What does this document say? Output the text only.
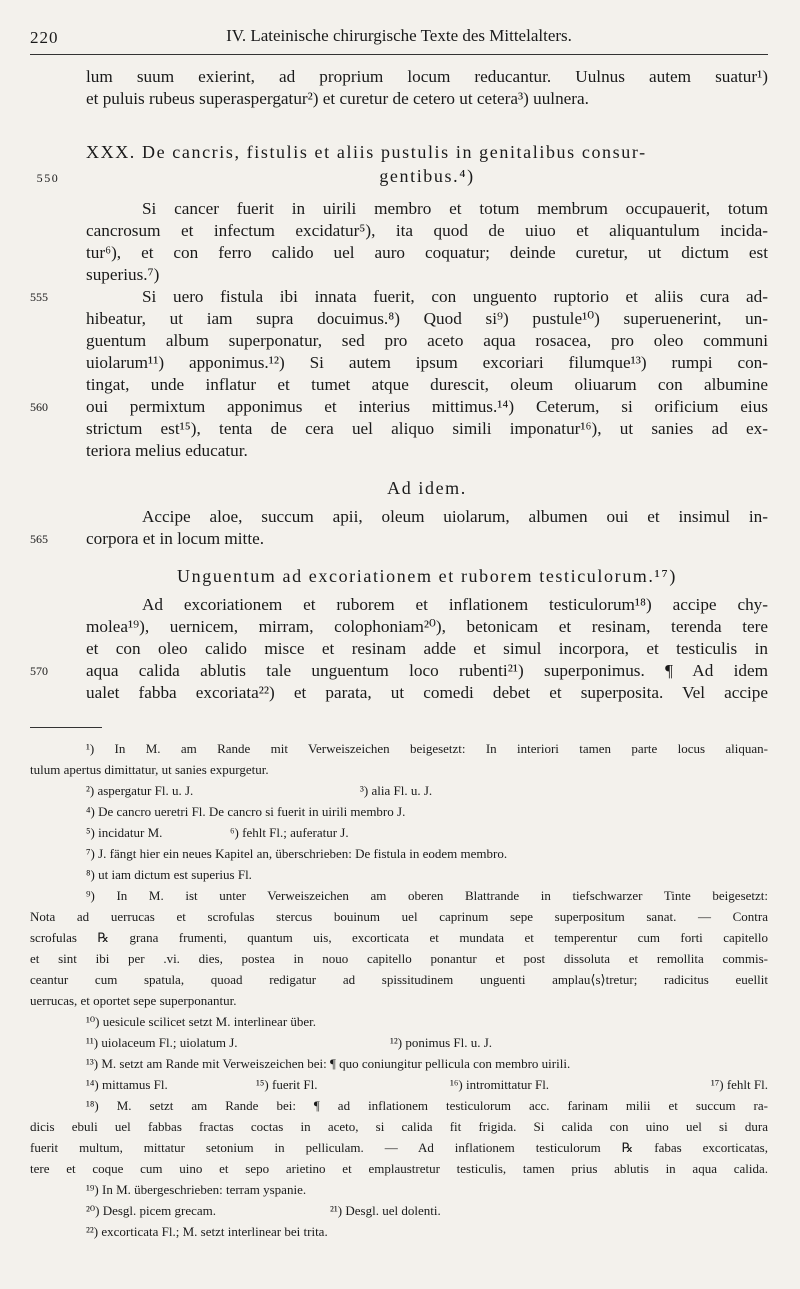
220	IV. Lateinische chirurgische Texte des Mittelalters.
lum suum exierint, ad proprium locum reducantur. Uulnus autem suatur¹)
et puluis rubeus superaspergatur²) et curetur de cetero ut cetera³) uulnera.
XXX. De cancris, fistulis et aliis pustulis in genitalibus consur-
550	gentibus.⁴)
Si cancer fuerit in uirili membro et totum membrum occupauerit, totum
cancrosum et infectum excidatur⁵), ita quod de uiuo et aliquantulum incida-
tur⁶), et con ferro calido uel auro coquatur; deinde curetur, ut dictum est
superius.⁷)
555	Si uero fistula ibi innata fuerit, con unguento ruptorio et aliis cura ad-
hibeatur, ut iam supra docuimus.⁸) Quod si⁹) pustule¹⁰) superuenerint, un-
guentum album superponatur, sed pro aceto aqua rosacea, pro oleo communi
uiolarum¹¹) apponimus.¹²) Si autem ipsum excoriari filumque¹³) rumpi con-
tingat, unde inflatur et tumet atque durescit, oleum oliuarum con albumine
560	oui permixtum apponimus et interius mittimus.¹⁴) Ceterum, si orificium eius
strictum est¹⁵), tenta de cera uel aliquo simili imponatur¹⁶), ut sanies ad ex-
teriora melius educatur.
Ad idem.
Accipe aloe, succum apii, oleum uiolarum, albumen oui et insimul in-
565	corpora et in locum mitte.
Unguentum ad excoriationem et ruborem testiculorum.¹⁷)
Ad excoriationem et ruborem et inflationem testiculorum¹⁸) accipe chy-
molea¹⁹), uernicem, mirram, colophoniam²⁰), betonicam et resinam, terenda tere
et con oleo calido misce et resinam adde et simul incorpora, et testiculis in
570	aqua calida ablutis tale unguentum loco rubenti²¹) superponimus. ¶ Ad idem
ualet fabba excoriata²²) et parata, ut comedi debet et superposita. Vel accipe
¹) In M. am Rande mit Verweiszeichen beigesetzt: In interiori tamen parte locus aliquan-
tulum apertus dimittatur, ut sanies expurgetur.
²) aspergatur Fl. u. J.	³) alia Fl. u. J.
⁴) De cancro ueretri Fl. De cancro si fuerit in uirili membro J.
⁵) incidatur M.	⁶) fehlt Fl.; auferatur J.
⁷) J. fängt hier ein neues Kapitel an, überschrieben: De fistula in eodem membro.
⁸) ut iam dictum est superius Fl.
⁹) In M. ist unter Verweiszeichen am oberen Blattrande in tiefschwarzer Tinte beigesetzt:
Nota ad uerrucas et scrofulas stercus bouinum uel caprinum sepe superpositum sanat. — Contra
scrofulas ℞ grana frumenti, quantum uis, excorticata et mundata et temperentur cum forti capitello
et sint ibi per .vi. dies, postea in nouo capitello ponantur et post dissoluta et remollita commis-
ceantur cum spatula, quoad redigatur ad spissitudinem unguenti amplau⟨s⟩tretur; radicitus euellit
uerrucas, et oportet sepe superponantur.
¹⁰) uesicule scilicet setzt M. interlinear über.
¹¹) uiolaceum Fl.; uiolatum J.	¹²) ponimus Fl. u. J.
¹³) M. setzt am Rande mit Verweiszeichen bei: ¶ quo coniungitur pellicula con membro uirili.
¹⁴) mittamus Fl.	¹⁵) fuerit Fl.	¹⁶) intromittatur Fl.	¹⁷) fehlt Fl.
¹⁸) M. setzt am Rande bei: ¶ ad inflationem testiculorum acc. farinam milii et succum ra-
dicis ebuli uel fabbas fractas coctas in aceto, si calida fit frigida. Si calida con uino uel si dura
fuerit multum, mittatur setonium in pelliculam. — Ad inflationem testiculorum ℞ fabas excorticatas,
tere et coque cum uino et sepo arietino et emplaustretur testiculis, tamen prius ablutis in aqua calida.
¹⁹) In M. übergeschrieben: terram yspanie.
²⁰) Desgl. picem grecam.	²¹) Desgl. uel dolenti.
²²) excorticata Fl.; M. setzt interlinear bei trita.
